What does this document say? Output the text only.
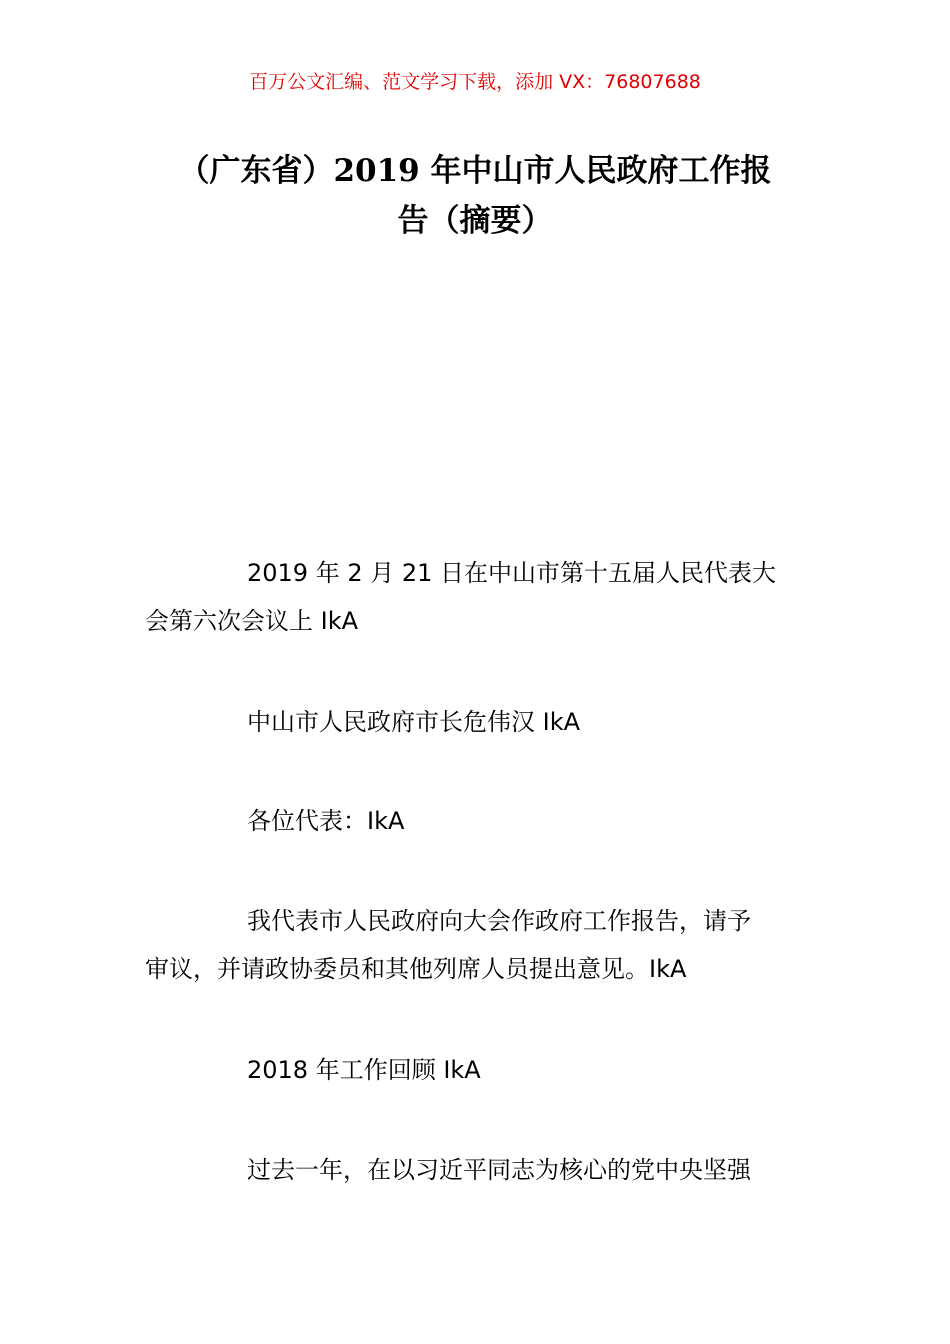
百万公文汇编、范文学习下载，添加 VX：76807688
（广东省）2019 年中山市人民政府工作报
告（摘要）
2019 年 2 月 21 日在中山市第十五届人民代表大
会第六次会议上 IkA
中山市人民政府市长危伟汉 IkA
各位代表：IkA
我代表市人民政府向大会作政府工作报告，请予
审议，并请政协委员和其他列席人员提出意见。IkA
2018 年工作回顾 IkA
过去一年，在以习近平同志为核心的党中央坚强
